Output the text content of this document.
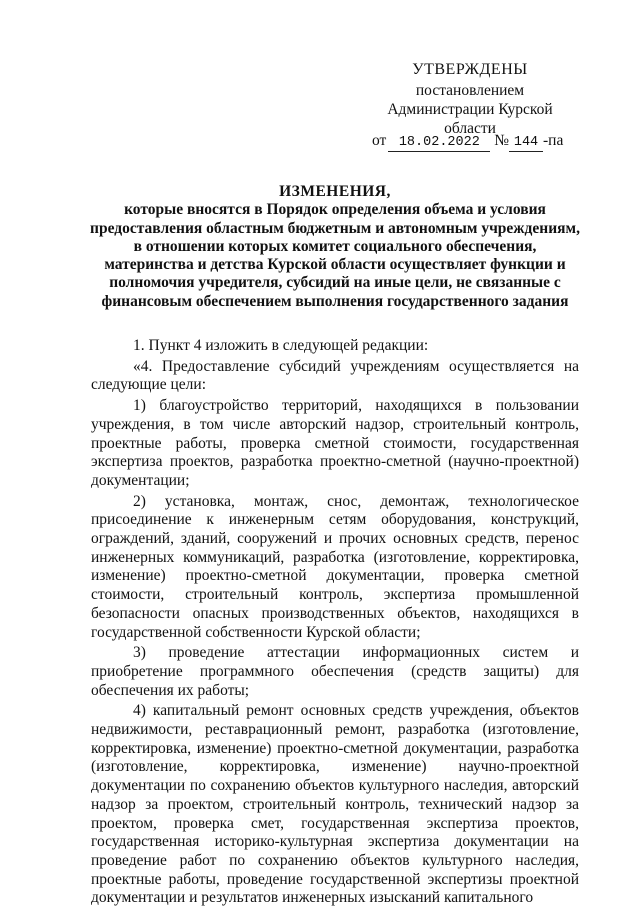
УТВЕРЖДЕНЫ
постановлением
Администрации Курской
области
от 18.02.2022 № 144 -па
ИЗМЕНЕНИЯ,
которые вносятся в Порядок определения объема и условия предоставления областным бюджетным и автономным учреждениям, в отношении которых комитет социального обеспечения, материнства и детства Курской области осуществляет функции и полномочия учредителя, субсидий на иные цели, не связанные с финансовым обеспечением выполнения государственного задания

1. Пункт 4 изложить в следующей редакции:

«4. Предоставление субсидий учреждениям осуществляется на следующие цели:

1) благоустройство территорий, находящихся в пользовании учреждения, в том числе авторский надзор, строительный контроль, проектные работы, проверка сметной стоимости, государственная экспертиза проектов, разработка проектно-сметной (научно-проектной) документации;

2) установка, монтаж, снос, демонтаж, технологическое присоединение к инженерным сетям оборудования, конструкций, ограждений, зданий, сооружений и прочих основных средств, перенос инженерных коммуникаций, разработка (изготовление, корректировка, изменение) проектно-сметной документации, проверка сметной стоимости, строительный контроль, экспертиза промышленной безопасности опасных производственных объектов, находящихся в государственной собственности Курской области;

3) проведение аттестации информационных систем и приобретение программного обеспечения (средств защиты) для обеспечения их работы;

4) капитальный ремонт основных средств учреждения, объектов недвижимости, реставрационный ремонт, разработка (изготовление, корректировка, изменение) проектно-сметной документации, разработка (изготовление, корректировка, изменение) научно-проектной документации по сохранению объектов культурного наследия, авторский надзор за проектом, строительный контроль, технический надзор за проектом, проверка смет, государственная экспертиза проектов, государственная историко-культурная экспертиза документации на проведение работ по сохранению объектов культурного наследия, проектные работы, проведение государственной экспертизы проектной документации и результатов инженерных изысканий капитального
